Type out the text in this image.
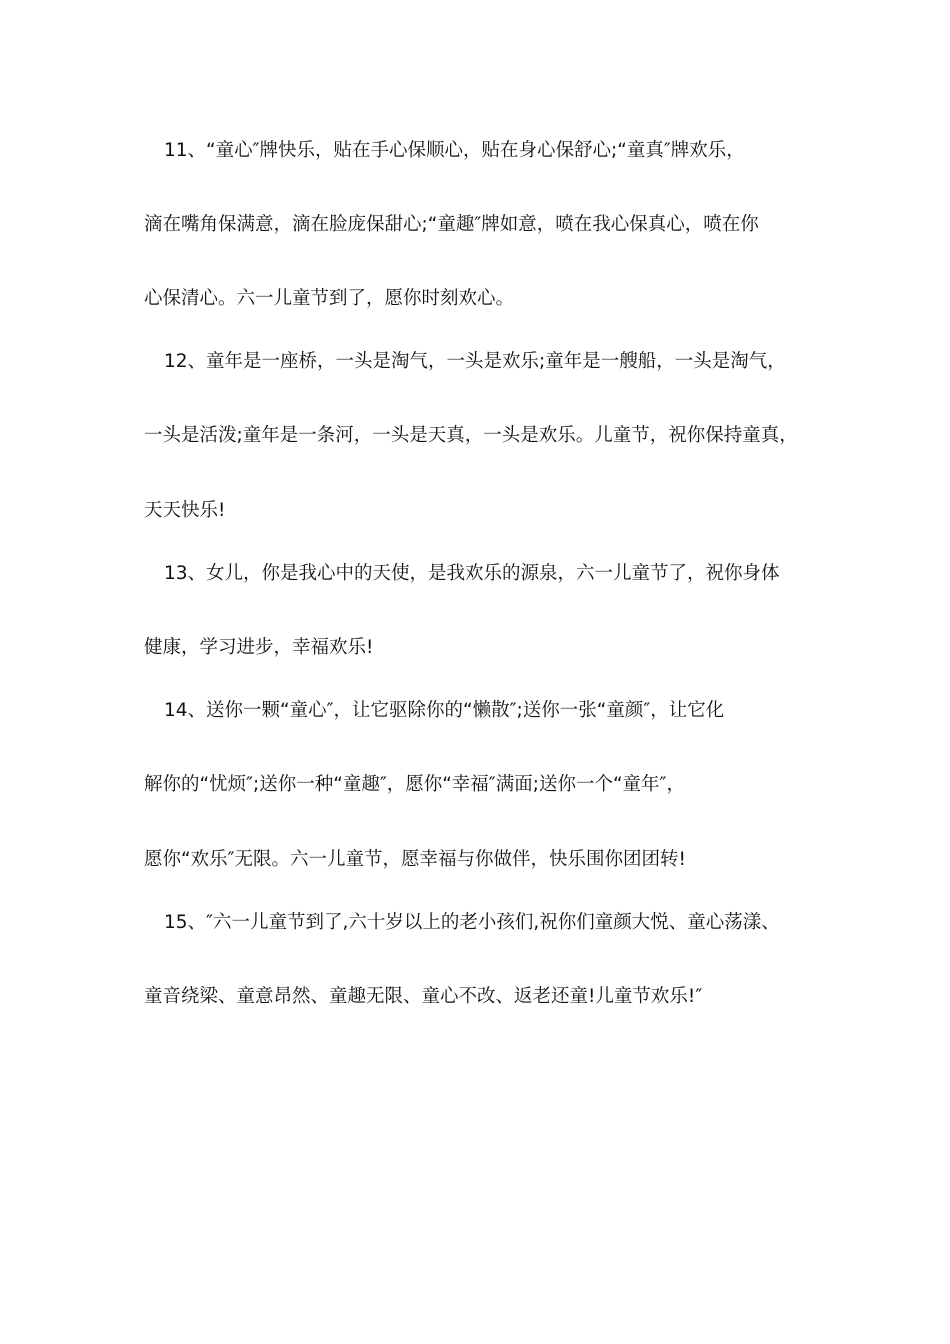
11、“童心″牌快乐，贴在手心保顺心，贴在身心保舒心;“童真″牌欢乐，
滴在嘴角保满意，滴在脸庞保甜心;“童趣″牌如意，喷在我心保真心，喷在你
心保清心。六一儿童节到了，愿你时刻欢心。
12、童年是一座桥，一头是淘气，一头是欢乐;童年是一艘船，一头是淘气，
一头是活泼;童年是一条河，一头是天真，一头是欢乐。儿童节，祝你保持童真，
天天快乐!
13、女儿，你是我心中的天使，是我欢乐的源泉，六一儿童节了，祝你身体
健康，学习进步，幸福欢乐!
14、送你一颗“童心″，让它驱除你的“懒散″;送你一张“童颜″，让它化
解你的“忧烦″;送你一种“童趣″，愿你“幸福″满面;送你一个“童年″，
愿你“欢乐″无限。六一儿童节，愿幸福与你做伴，快乐围你团团转!
15、″六一儿童节到了,六十岁以上的老小孩们,祝你们童颜大悦、童心荡漾、
童音绕梁、童意昂然、童趣无限、童心不改、返老还童!儿童节欢乐!″
